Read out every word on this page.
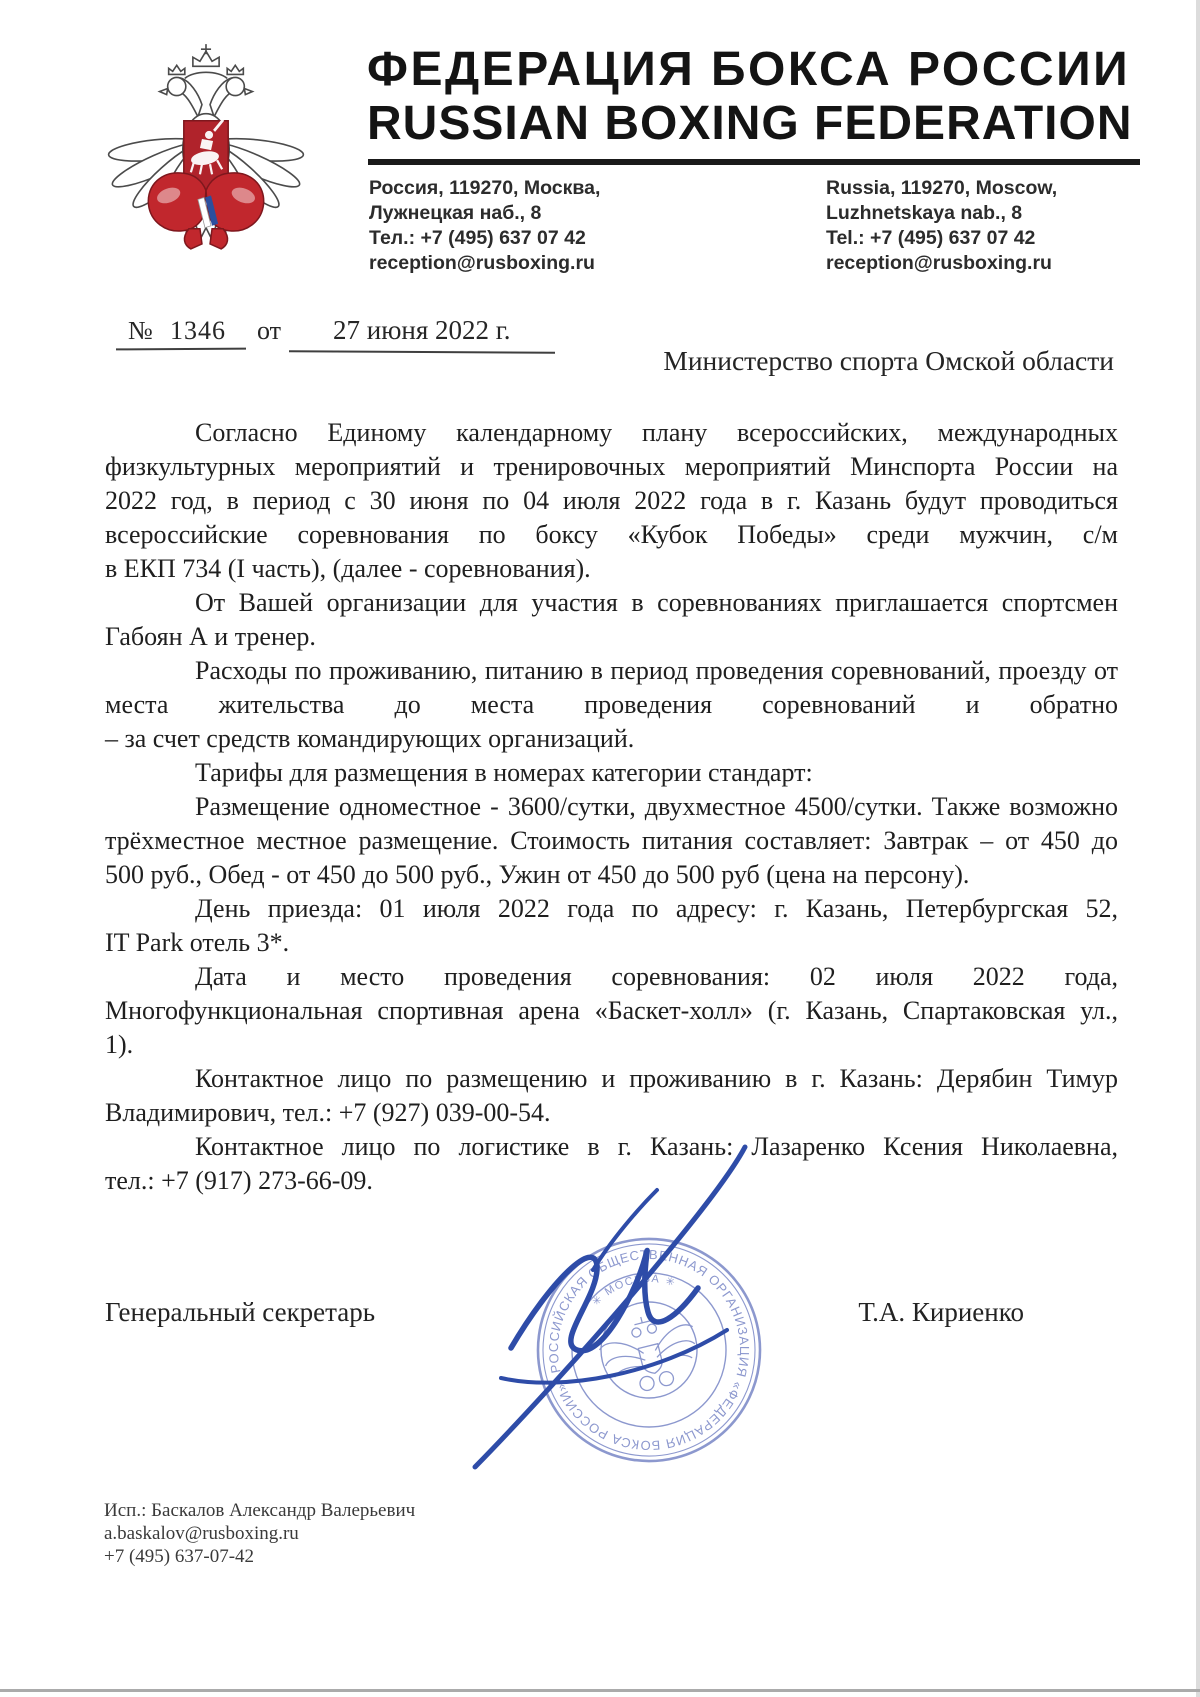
ФЕДЕРАЦИЯ БОКСА РОССИИ
RUSSIAN BOXING FEDERATION
Россия, 119270, Москва,
Лужнецкая наб., 8
Тел.: +7 (495) 637 07 42
reception@rusboxing.ru
Russia, 119270, Moscow,
Luzhnetskaya nab., 8
Tel.: +7 (495) 637 07 42
reception@rusboxing.ru
№ 1346 от 27 июня 2022 г.
Министерство спорта Омской области
Согласно Единому календарному плану всероссийских, международных
физкультурных мероприятий и тренировочных мероприятий Минспорта России на
2022 год, в период с 30 июня по 04 июля 2022 года в г. Казань будут проводиться
всероссийские соревнования по боксу «Кубок Победы» среди мужчин, с/м
в ЕКП 734 (I часть), (далее - соревнования).
От Вашей организации для участия в соревнованиях приглашается спортсмен
Габоян А и тренер.
Расходы по проживанию, питанию в период проведения соревнований, проезду от
места жительства до места проведения соревнований и обратно
– за счет средств командирующих организаций.
Тарифы для размещения в номерах категории стандарт:
Размещение одноместное - 3600/сутки, двухместное 4500/сутки. Также возможно
трёхместное местное размещение. Стоимость питания составляет: Завтрак – от 450 до
500 руб., Обед - от 450 до 500 руб., Ужин от 450 до 500 руб (цена на персону).
День приезда: 01 июля 2022 года по адресу: г. Казань, Петербургская 52,
IT Park отель 3*.
Дата и место проведения соревнования: 02 июля 2022 года,
Многофункциональная спортивная арена «Баскет-холл» (г. Казань, Спартаковская ул.,
1).
Контактное лицо по размещению и проживанию в г. Казань: Дерябин Тимур
Владимирович, тел.: +7 (927) 039-00-54.
Контактное лицо по логистике в г. Казань: Лазаренко Ксения Николаевна,
тел.: +7 (917) 273-66-09.
Генеральный секретарь	Т.А. Кириенко
РОССИЙСКАЯ ОБЩЕСТВЕННАЯ ОРГАНИЗАЦИЯ «ФЕДЕРАЦИЯ БОКСА РОССИИ»
✳ МОСКВА ✳
Исп.: Баскалов Александр Валерьевич
a.baskalov@rusboxing.ru
+7 (495) 637-07-42
